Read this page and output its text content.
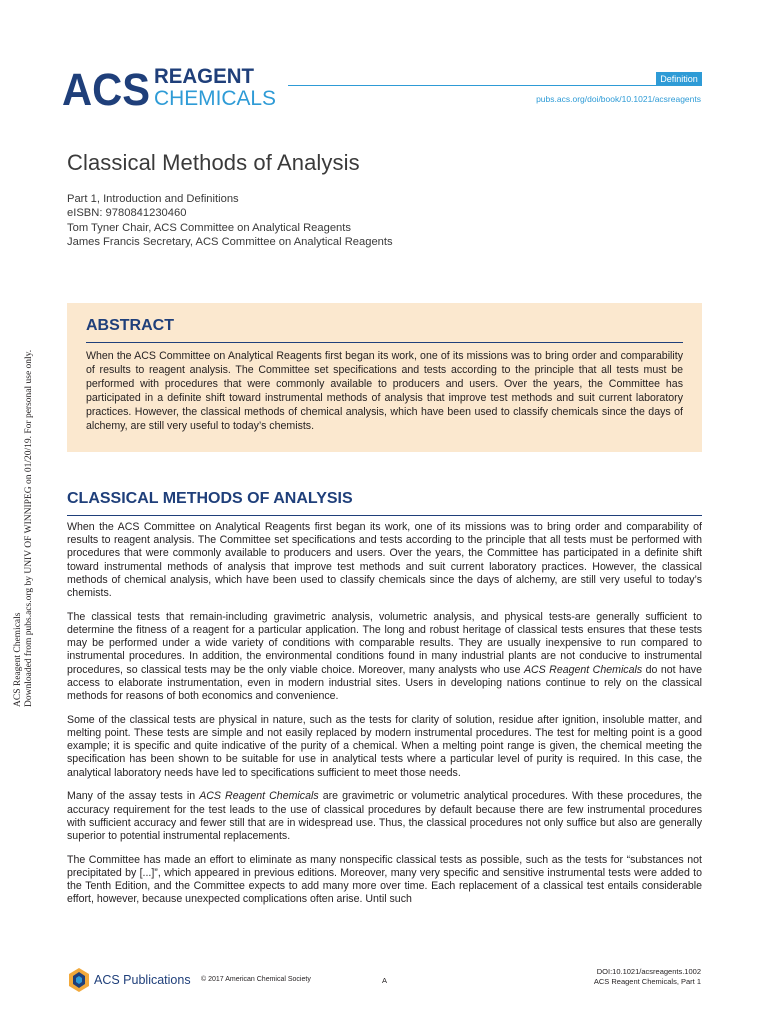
ACS Reagent Chemicals Downloaded from pubs.acs.org by UNIV OF WINNIPEG on 01/20/19. For personal use only.
ACS REAGENT
CHEMICALS
Definition
pubs.acs.org/doi/book/10.1021/acsreagents
Classical Methods of Analysis
Part 1, Introduction and Definitions
eISBN: 9780841230460
Tom Tyner Chair, ACS Committee on Analytical Reagents
James Francis Secretary, ACS Committee on Analytical Reagents
ABSTRACT
When the ACS Committee on Analytical Reagents first began its work, one of its missions was to bring order and comparability of results to reagent analysis. The Committee set specifications and tests according to the principle that all tests must be performed with procedures that were commonly available to producers and users. Over the years, the Committee has participated in a definite shift toward instrumental methods of analysis that improve test methods and suit current laboratory practices. However, the classical methods of chemical analysis, which have been used to classify chemicals since the days of alchemy, are still very useful to today’s chemists.
CLASSICAL METHODS OF ANALYSIS

When the ACS Committee on Analytical Reagents first began its work, one of its missions was to bring order and comparability of results to reagent analysis. The Committee set specifications and tests according to the principle that all tests must be performed with procedures that were commonly available to producers and users. Over the years, the Committee has participated in a definite shift toward instrumental methods of analysis that improve test methods and suit current laboratory practices. However, the classical methods of chemical analysis, which have been used to classify chemicals since the days of alchemy, are still very useful to today’s chemists.

The classical tests that remain-including gravimetric analysis, volumetric analysis, and physical tests-are generally sufficient to determine the fitness of a reagent for a particular application. The long and robust heritage of classical tests ensures that these tests may be performed under a wide variety of conditions with comparable results. They are usually inexpensive to run compared to instrumental procedures. In addition, the environmental conditions found in many industrial plants are not conducive to instrumental procedures, so classical tests may be the only viable choice. Moreover, many analysts who use ACS Reagent Chemicals do not have access to elaborate instrumentation, even in modern industrial sites. Users in developing nations continue to rely on the classical methods for reasons of both economics and convenience.

Some of the classical tests are physical in nature, such as the tests for clarity of solution, residue after ignition, insoluble matter, and melting point. These tests are simple and not easily replaced by modern instrumental procedures. The test for melting point is a good example; it is specific and quite indicative of the purity of a chemical. When a melting point range is given, the chemical meeting the specification has been shown to be suitable for use in analytical tests where a particular level of purity is required. In this case, the analytical laboratory needs have led to specifications sufficient to meet those needs.

Many of the assay tests in ACS Reagent Chemicals are gravimetric or volumetric analytical procedures. With these procedures, the accuracy requirement for the test leads to the use of classical procedures by default because there are few instrumental procedures with sufficient accuracy and fewer still that are in widespread use. Thus, the classical procedures not only suffice but also are generally superior to potential instrumental replacements.

The Committee has made an effort to eliminate as many nonspecific classical tests as possible, such as the tests for “substances not precipitated by [...]”, which appeared in previous editions. Moreover, many very specific and sensitive instrumental tests were added to the Tenth Edition, and the Committee expects to add many more over time. Each replacement of a classical test entails considerable effort, however, because unexpected complications often arise. Until such

ACS Publications © 2017 American Chemical Society	A
DOI:10.1021/acsreagents.1002
ACS Reagent Chemicals, Part 1
